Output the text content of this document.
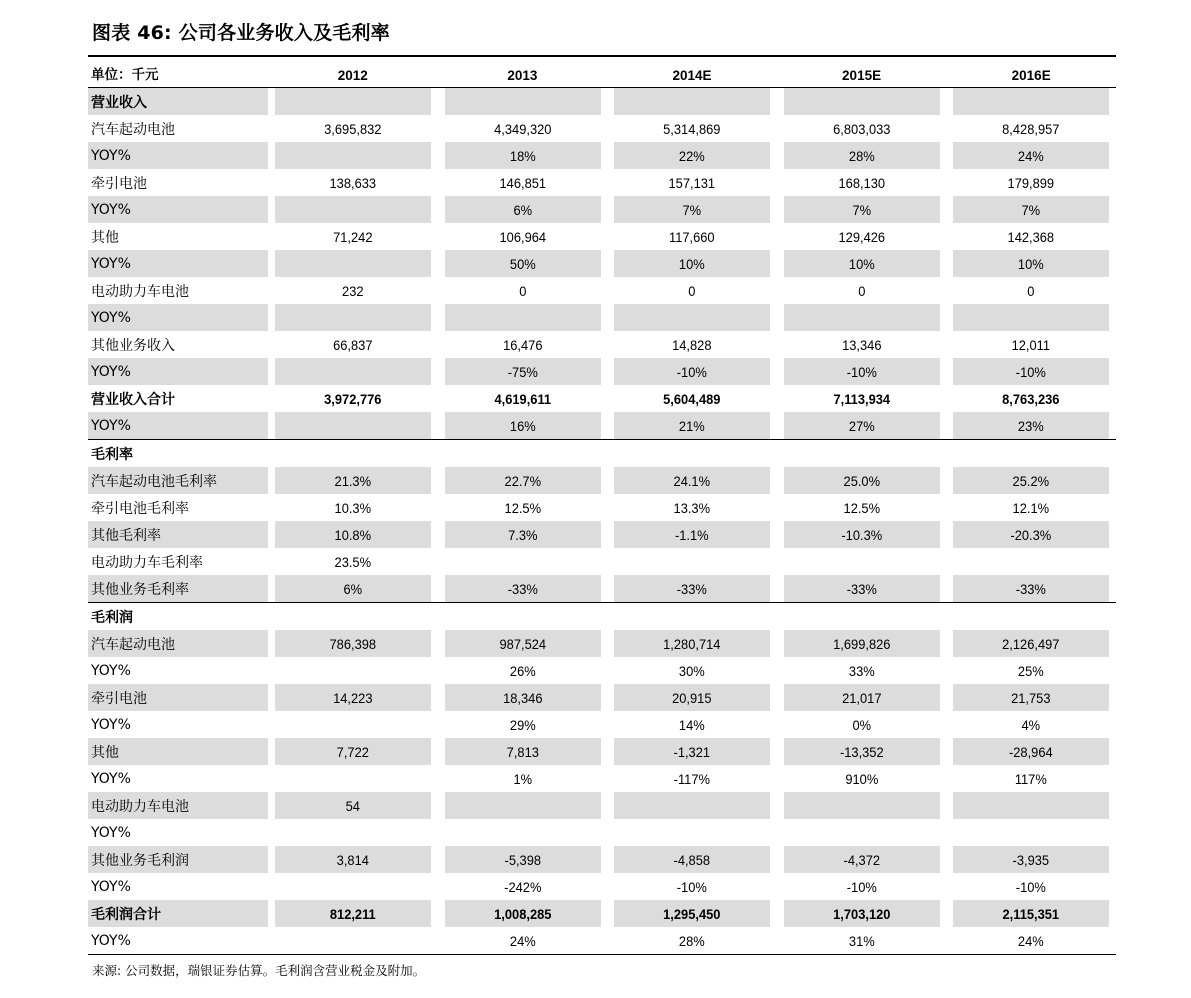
图表 46: 公司各业务收入及毛利率
单位：千元	2012	2013	2014E	2015E	2016E
营业收入					
汽车起动电池	3,695,832	4,349,320	5,314,869	6,803,033	8,428,957
YOY%		18%	22%	28%	24%
牵引电池	138,633	146,851	157,131	168,130	179,899
YOY%		6%	7%	7%	7%
其他	71,242	106,964	117,660	129,426	142,368
YOY%		50%	10%	10%	10%
电动助力车电池	232	0	0	0	0
YOY%					
其他业务收入	66,837	16,476	14,828	13,346	12,011
YOY%		-75%	-10%	-10%	-10%
营业收入合计	3,972,776	4,619,611	5,604,489	7,113,934	8,763,236
YOY%		16%	21%	27%	23%
毛利率					
汽车起动电池毛利率	21.3%	22.7%	24.1%	25.0%	25.2%
牵引电池毛利率	10.3%	12.5%	13.3%	12.5%	12.1%
其他毛利率	10.8%	7.3%	-1.1%	-10.3%	-20.3%
电动助力车毛利率	23.5%				
其他业务毛利率	6%	-33%	-33%	-33%	-33%
毛利润					
汽车起动电池	786,398	987,524	1,280,714	1,699,826	2,126,497
YOY%		26%	30%	33%	25%
牵引电池	14,223	18,346	20,915	21,017	21,753
YOY%		29%	14%	0%	4%
其他	7,722	7,813	-1,321	-13,352	-28,964
YOY%		1%	-117%	910%	117%
电动助力车电池	54				
YOY%					
其他业务毛利润	3,814	-5,398	-4,858	-4,372	-3,935
YOY%		-242%	-10%	-10%	-10%
毛利润合计	812,211	1,008,285	1,295,450	1,703,120	2,115,351
YOY%		24%	28%	31%	24%
来源: 公司数据，瑞银证券估算。毛利润含营业税金及附加。
